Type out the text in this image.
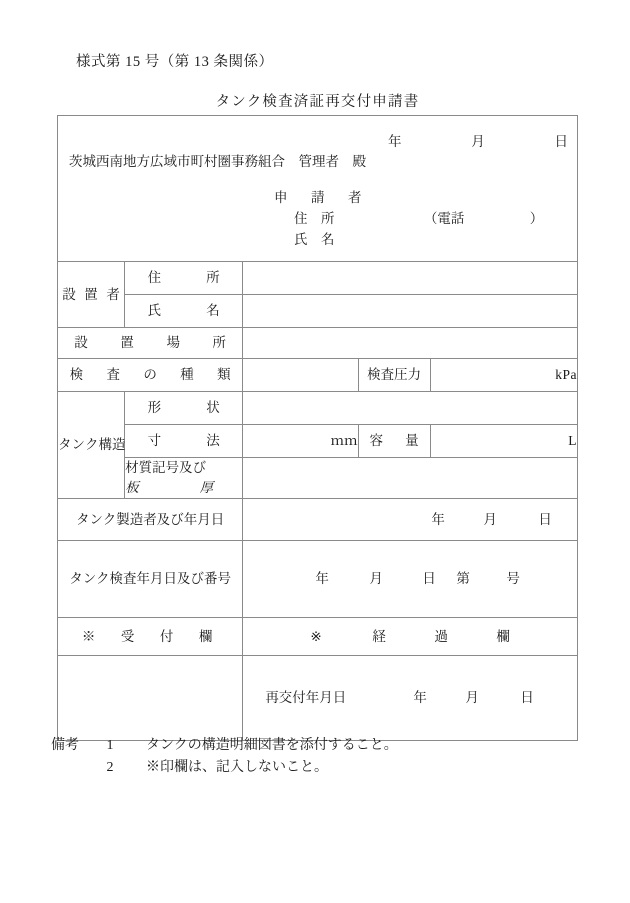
様式第 15 号（第 13 条関係）
タンク検査済証再交付申請書
年	月	日
茨城西南地方広域市町村圏事務組合　管理者　殿
申　請　者
住　所	（電話	）
氏　名

設 置 者	住 所			

	氏 名			

設 置 場 所				

検 査 の 種 類			検査圧力	kPa

タ ン ク 構 造	形 状			

	寸 法	ｍｍ	容 量	L

	材質記号及び
板 厚			

タンク製造者及び年月日		年 月 日		

タンク検査年月日及び番号		年 月 日 第 号		

※　受　付　欄		※ 経 過 欄		

		再交付年月日 年 月 日		
備考 1 タンクの構造明細図書を添付すること。
2 ※印欄は、記入しないこと。
